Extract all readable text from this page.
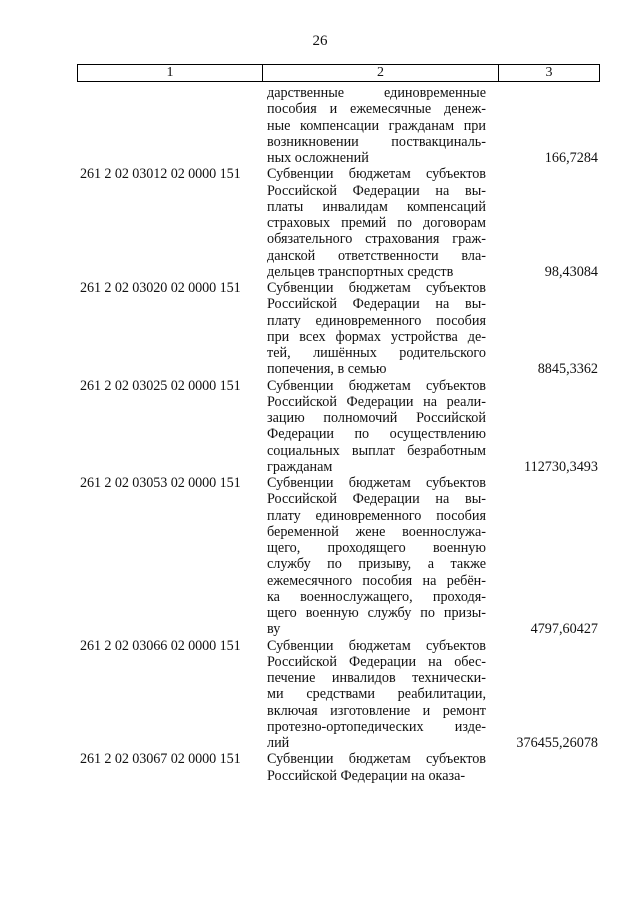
26
1	2	3
дарственные единовременные
пособия и ежемесячные денеж-
ные компенсации гражданам при
возникновении поствакциналь-
ных осложнений	166,7284
261 2 02 03012 02 0000 151 Субвенции бюджетам субъектов
Российской Федерации на вы-
платы инвалидам компенсаций
страховых премий по договорам
обязательного страхования граж-
данской ответственности вла-
дельцев транспортных средств	98,43084
261 2 02 03020 02 0000 151 Субвенции бюджетам субъектов
Российской Федерации на вы-
плату единовременного пособия
при всех формах устройства де-
тей, лишённых родительского
попечения, в семью	8845,3362
261 2 02 03025 02 0000 151 Субвенции бюджетам субъектов
Российской Федерации на реали-
зацию полномочий Российской
Федерации по осуществлению
социальных выплат безработным
гражданам	112730,3493
261 2 02 03053 02 0000 151 Субвенции бюджетам субъектов
Российской Федерации на вы-
плату единовременного пособия
беременной жене военнослужа-
щего, проходящего военную
службу по призыву, а также
ежемесячного пособия на ребён-
ка военнослужащего, проходя-
щего военную службу по призы-
ву	4797,60427
261 2 02 03066 02 0000 151 Субвенции бюджетам субъектов
Российской Федерации на обес-
печение инвалидов технически-
ми средствами реабилитации,
включая изготовление и ремонт
протезно-ортопедических изде-
лий	376455,26078
261 2 02 03067 02 0000 151 Субвенции бюджетам субъектов
Российской Федерации на оказа-
